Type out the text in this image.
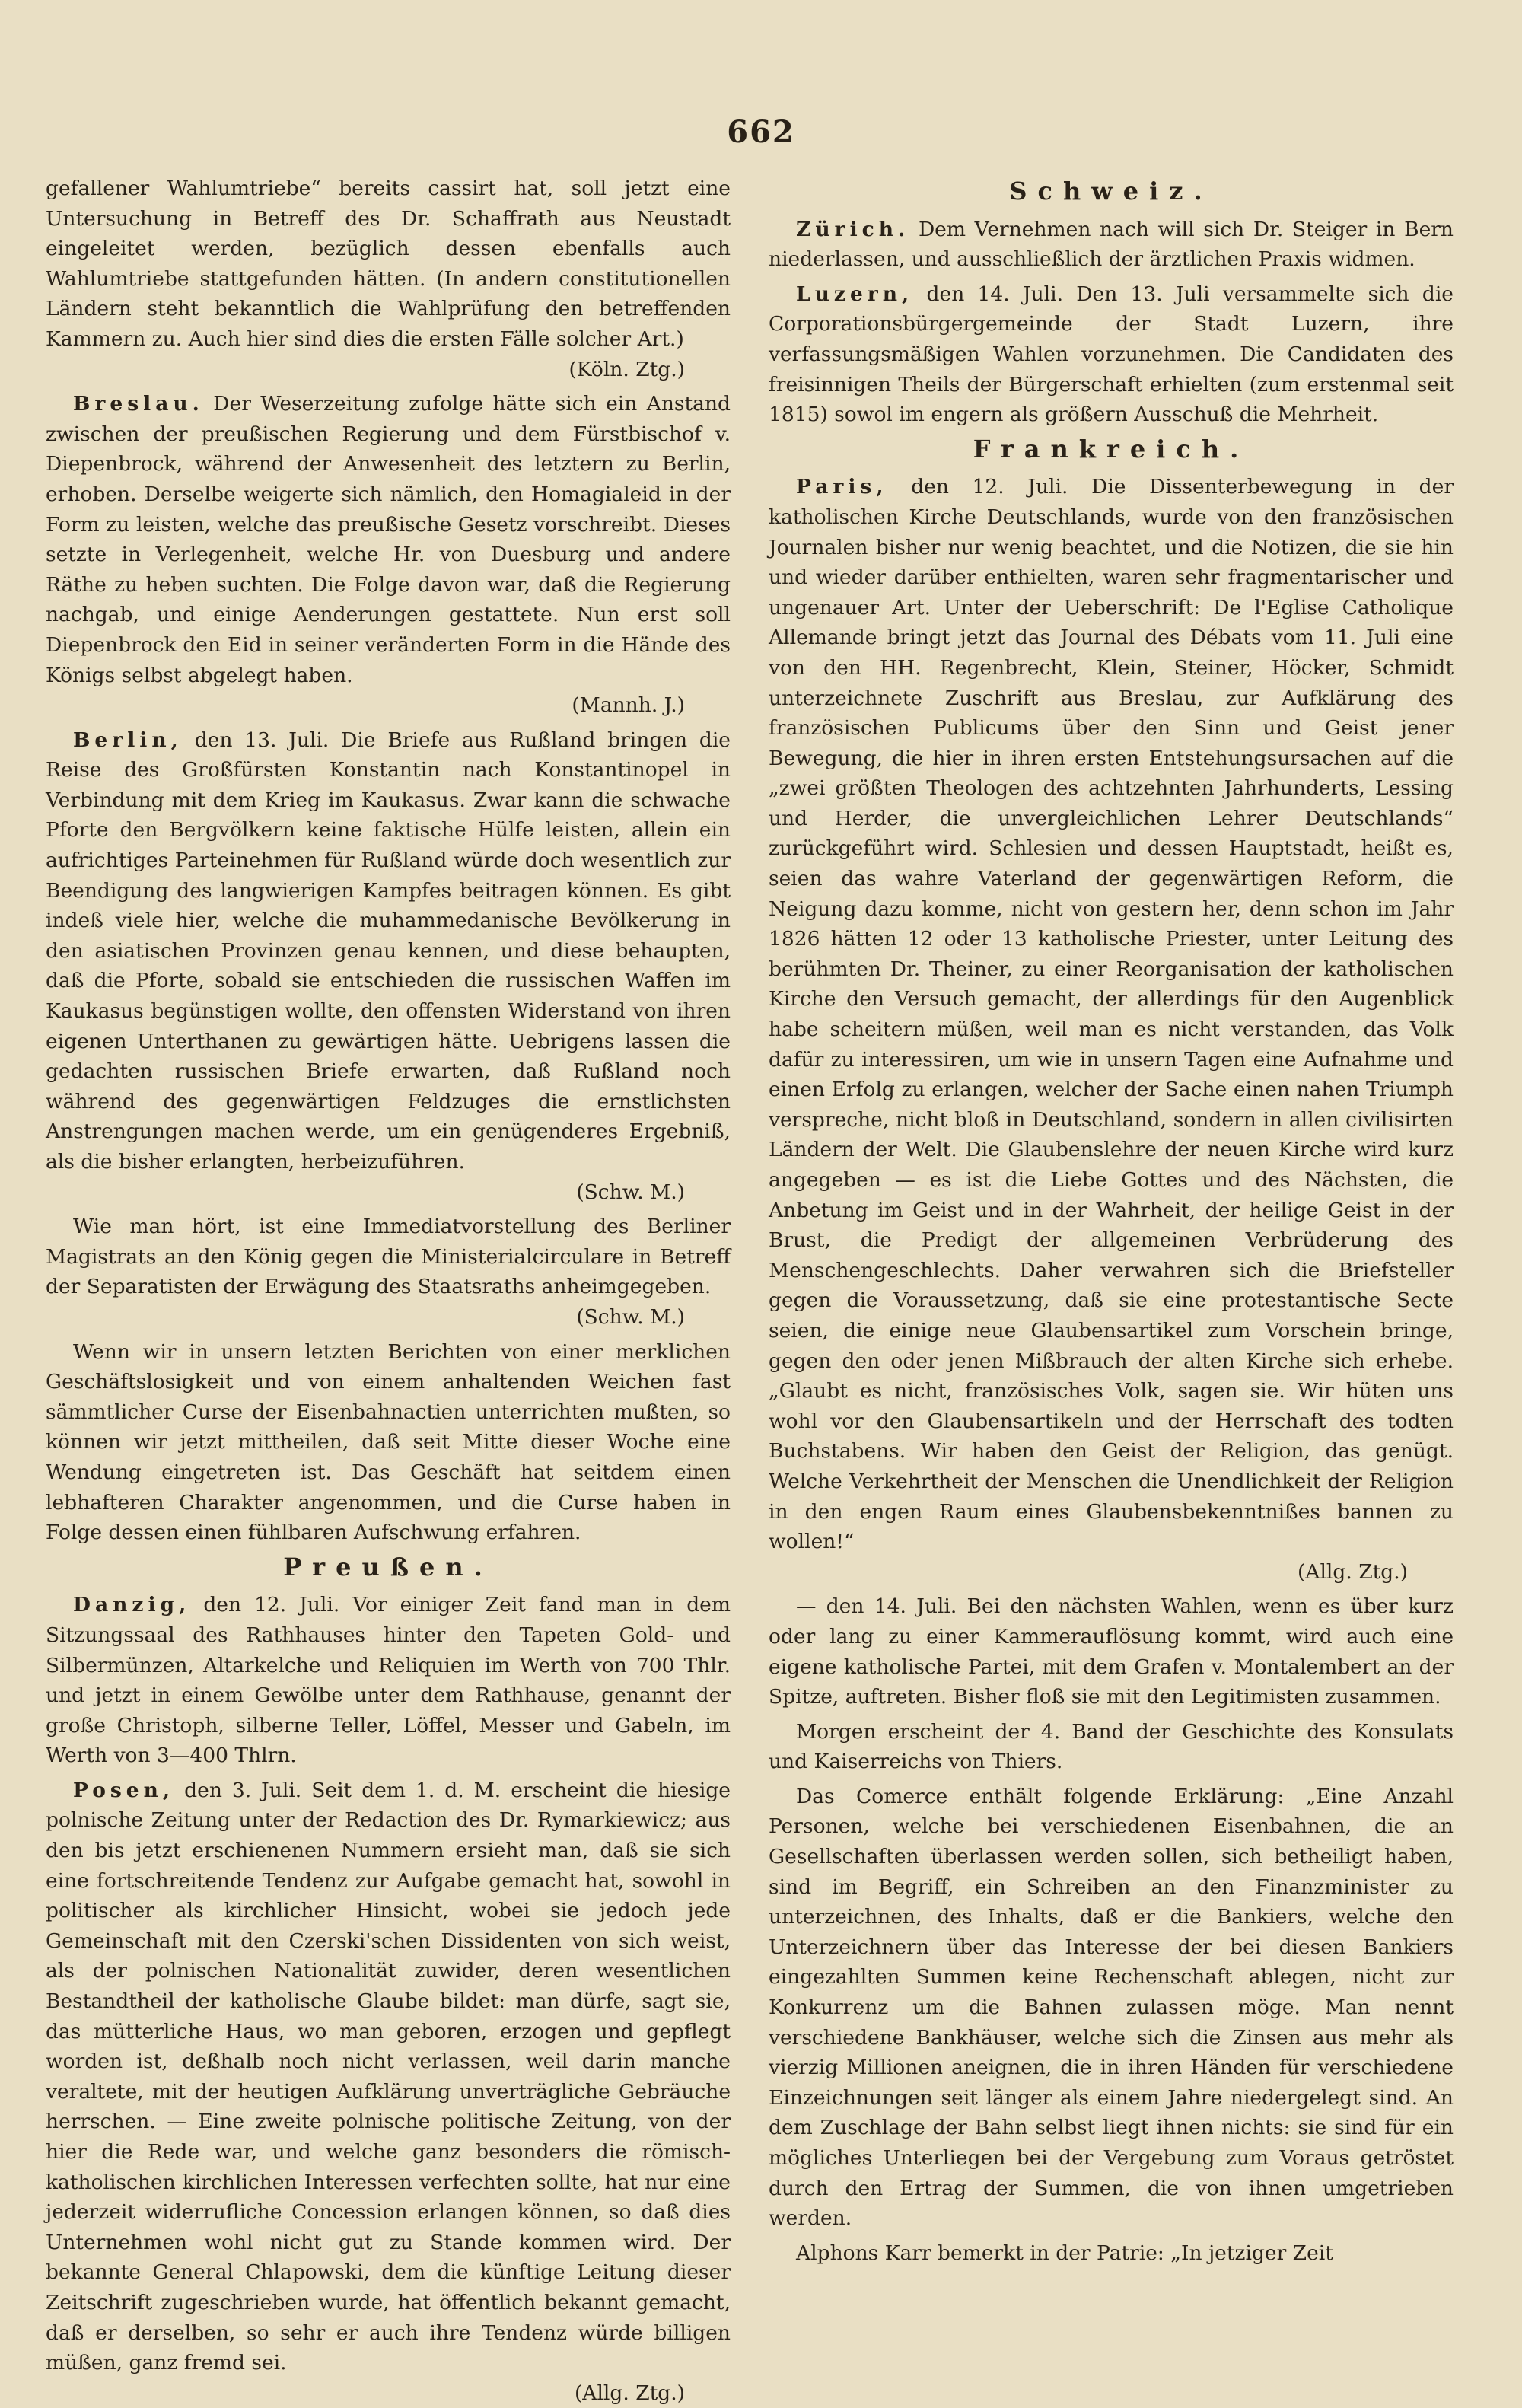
662

gefallener Wahlumtriebe“ bereits cassirt hat, soll jetzt eine Untersuchung in Betreff des Dr. Schaffrath aus Neustadt eingeleitet werden, bezüglich dessen ebenfalls auch Wahlumtriebe stattgefunden hätten. (In andern constitutionellen Ländern steht bekanntlich die Wahlprüfung den betreffenden Kammern zu. Auch hier sind dies die ersten Fälle solcher Art.)
(Köln. Ztg.)

Breslau. Der Weserzeitung zufolge hätte sich ein Anstand zwischen der preußischen Regierung und dem Fürstbischof v. Diepenbrock, während der Anwesenheit des letztern zu Berlin, erhoben. Derselbe weigerte sich nämlich, den Homagialeid in der Form zu leisten, welche das preußische Gesetz vorschreibt. Dieses setzte in Verlegenheit, welche Hr. von Duesburg und andere Räthe zu heben suchten. Die Folge davon war, daß die Regierung nachgab, und einige Aenderungen gestattete. Nun erst soll Diepenbrock den Eid in seiner veränderten Form in die Hände des Königs selbst abgelegt haben.
(Mannh. J.)

Berlin, den 13. Juli. Die Briefe aus Rußland bringen die Reise des Großfürsten Konstantin nach Konstantinopel in Verbindung mit dem Krieg im Kaukasus. Zwar kann die schwache Pforte den Bergvölkern keine faktische Hülfe leisten, allein ein aufrichtiges Parteinehmen für Rußland würde doch wesentlich zur Beendigung des langwierigen Kampfes beitragen können. Es gibt indeß viele hier, welche die muhammedanische Bevölkerung in den asiatischen Provinzen genau kennen, und diese behaupten, daß die Pforte, sobald sie entschieden die russischen Waffen im Kaukasus begünstigen wollte, den offensten Widerstand von ihren eigenen Unterthanen zu gewärtigen hätte. Uebrigens lassen die gedachten russischen Briefe erwarten, daß Rußland noch während des gegenwärtigen Feldzuges die ernstlichsten Anstrengungen machen werde, um ein genügenderes Ergebniß, als die bisher erlangten, herbeizuführen.
(Schw. M.)

Wie man hört, ist eine Immediatvorstellung des Berliner Magistrats an den König gegen die Ministerialcirculare in Betreff der Separatisten der Erwägung des Staatsraths anheimgegeben.
(Schw. M.)

Wenn wir in unsern letzten Berichten von einer merklichen Geschäftslosigkeit und von einem anhaltenden Weichen fast sämmtlicher Curse der Eisenbahnactien unterrichten mußten, so können wir jetzt mittheilen, daß seit Mitte dieser Woche eine Wendung eingetreten ist. Das Geschäft hat seitdem einen lebhafteren Charakter angenommen, und die Curse haben in Folge dessen einen fühlbaren Aufschwung erfahren.

Preußen.

Danzig, den 12. Juli. Vor einiger Zeit fand man in dem Sitzungssaal des Rathhauses hinter den Tapeten Gold- und Silbermünzen, Altarkelche und Reliquien im Werth von 700 Thlr. und jetzt in einem Gewölbe unter dem Rathhause, genannt der große Christoph, silberne Teller, Löffel, Messer und Gabeln, im Werth von 3—400 Thlrn.

Posen, den 3. Juli. Seit dem 1. d. M. erscheint die hiesige polnische Zeitung unter der Redaction des Dr. Rymarkiewicz; aus den bis jetzt erschienenen Nummern ersieht man, daß sie sich eine fortschreitende Tendenz zur Aufgabe gemacht hat, sowohl in politischer als kirchlicher Hinsicht, wobei sie jedoch jede Gemeinschaft mit den Czerski'schen Dissidenten von sich weist, als der polnischen Nationalität zuwider, deren wesentlichen Bestandtheil der katholische Glaube bildet: man dürfe, sagt sie, das mütterliche Haus, wo man geboren, erzogen und gepflegt worden ist, deßhalb noch nicht verlassen, weil darin manche veraltete, mit der heutigen Aufklärung unverträgliche Gebräuche herrschen. — Eine zweite polnische politische Zeitung, von der hier die Rede war, und welche ganz besonders die römisch-katholischen kirchlichen Interessen verfechten sollte, hat nur eine jederzeit widerrufliche Concession erlangen können, so daß dies Unternehmen wohl nicht gut zu Stande kommen wird. Der bekannte General Chlapowski, dem die künftige Leitung dieser Zeitschrift zugeschrieben wurde, hat öffentlich bekannt gemacht, daß er derselben, so sehr er auch ihre Tendenz würde billigen müßen, ganz fremd sei.
(Allg. Ztg.)

Schweiz.

Zürich. Dem Vernehmen nach will sich Dr. Steiger in Bern niederlassen, und ausschließlich der ärztlichen Praxis widmen.

Luzern, den 14. Juli. Den 13. Juli versammelte sich die Corporationsbürgergemeinde der Stadt Luzern, ihre verfassungsmäßigen Wahlen vorzunehmen. Die Candidaten des freisinnigen Theils der Bürgerschaft erhielten (zum erstenmal seit 1815) sowol im engern als größern Ausschuß die Mehrheit.

Frankreich.

Paris, den 12. Juli. Die Dissenterbewegung in der katholischen Kirche Deutschlands, wurde von den französischen Journalen bisher nur wenig beachtet, und die Notizen, die sie hin und wieder darüber enthielten, waren sehr fragmentarischer und ungenauer Art. Unter der Ueberschrift: De l'Eglise Catholique Allemande bringt jetzt das Journal des Débats vom 11. Juli eine von den HH. Regenbrecht, Klein, Steiner, Höcker, Schmidt unterzeichnete Zuschrift aus Breslau, zur Aufklärung des französischen Publicums über den Sinn und Geist jener Bewegung, die hier in ihren ersten Entstehungsursachen auf die „zwei größten Theologen des achtzehnten Jahrhunderts, Lessing und Herder, die unvergleichlichen Lehrer Deutschlands“ zurückgeführt wird. Schlesien und dessen Hauptstadt, heißt es, seien das wahre Vaterland der gegenwärtigen Reform, die Neigung dazu komme, nicht von gestern her, denn schon im Jahr 1826 hätten 12 oder 13 katholische Priester, unter Leitung des berühmten Dr. Theiner, zu einer Reorganisation der katholischen Kirche den Versuch gemacht, der allerdings für den Augenblick habe scheitern müßen, weil man es nicht verstanden, das Volk dafür zu interessiren, um wie in unsern Tagen eine Aufnahme und einen Erfolg zu erlangen, welcher der Sache einen nahen Triumph verspreche, nicht bloß in Deutschland, sondern in allen civilisirten Ländern der Welt. Die Glaubenslehre der neuen Kirche wird kurz angegeben — es ist die Liebe Gottes und des Nächsten, die Anbetung im Geist und in der Wahrheit, der heilige Geist in der Brust, die Predigt der allgemeinen Verbrüderung des Menschengeschlechts. Daher verwahren sich die Briefsteller gegen die Voraussetzung, daß sie eine protestantische Secte seien, die einige neue Glaubensartikel zum Vorschein bringe, gegen den oder jenen Mißbrauch der alten Kirche sich erhebe. „Glaubt es nicht, französisches Volk, sagen sie. Wir hüten uns wohl vor den Glaubensartikeln und der Herrschaft des todten Buchstabens. Wir haben den Geist der Religion, das genügt. Welche Verkehrtheit der Menschen die Unendlichkeit der Religion in den engen Raum eines Glaubensbekenntnißes bannen zu wollen!“
(Allg. Ztg.)

— den 14. Juli. Bei den nächsten Wahlen, wenn es über kurz oder lang zu einer Kammerauflösung kommt, wird auch eine eigene katholische Partei, mit dem Grafen v. Montalembert an der Spitze, auftreten. Bisher floß sie mit den Legitimisten zusammen.

Morgen erscheint der 4. Band der Geschichte des Konsulats und Kaiserreichs von Thiers.

Das Comerce enthält folgende Erklärung: „Eine Anzahl Personen, welche bei verschiedenen Eisenbahnen, die an Gesellschaften überlassen werden sollen, sich betheiligt haben, sind im Begriff, ein Schreiben an den Finanzminister zu unterzeichnen, des Inhalts, daß er die Bankiers, welche den Unterzeichnern über das Interesse der bei diesen Bankiers eingezahlten Summen keine Rechenschaft ablegen, nicht zur Konkurrenz um die Bahnen zulassen möge. Man nennt verschiedene Bankhäuser, welche sich die Zinsen aus mehr als vierzig Millionen aneignen, die in ihren Händen für verschiedene Einzeichnungen seit länger als einem Jahre niedergelegt sind. An dem Zuschlage der Bahn selbst liegt ihnen nichts: sie sind für ein mögliches Unterliegen bei der Vergebung zum Voraus getröstet durch den Ertrag der Summen, die von ihnen umgetrieben werden.

Alphons Karr bemerkt in der Patrie: „In jetziger Zeit
